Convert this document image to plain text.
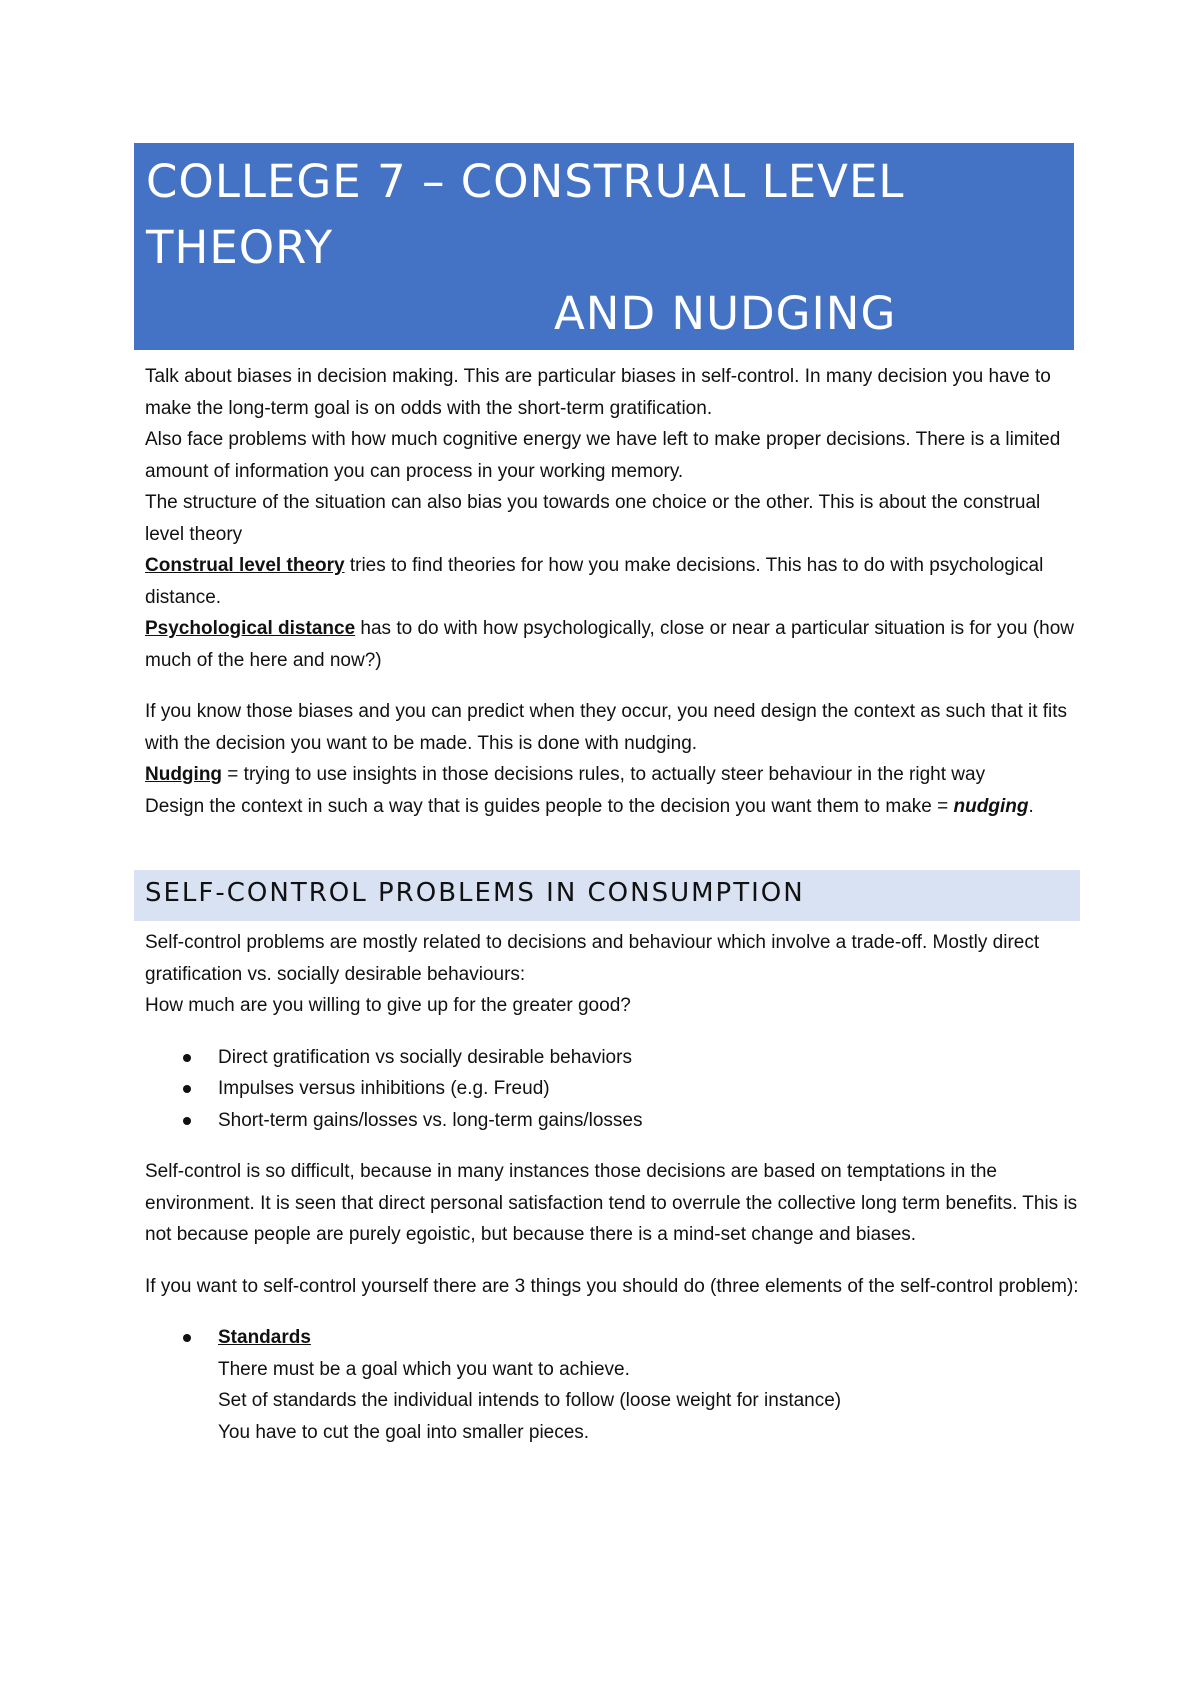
COLLEGE 7 – CONSTRUAL LEVEL
THEORY
AND NUDGING

Talk about biases in decision making. This are particular biases in self-control. In many decision you have to make the long-term goal is on odds with the short-term gratification.

Also face problems with how much cognitive energy we have left to make proper decisions. There is a limited amount of information you can process in your working memory.

The structure of the situation can also bias you towards one choice or the other. This is about the construal level theory

Construal level theory tries to find theories for how you make decisions. This has to do with psychological distance.

Psychological distance has to do with how psychologically, close or near a particular situation is for you (how much of the here and now?)

If you know those biases and you can predict when they occur, you need design the context as such that it fits with the decision you want to be made. This is done with nudging.

Nudging = trying to use insights in those decisions rules, to actually steer behaviour in the right way

Design the context in such a way that is guides people to the decision you want them to make = nudging.

SELF-CONTROL PROBLEMS IN CONSUMPTION

Self-control problems are mostly related to decisions and behaviour which involve a trade-off. Mostly direct gratification vs. socially desirable behaviours:

How much are you willing to give up for the greater good?

Direct gratification vs socially desirable behaviors
Impulses versus inhibitions (e.g. Freud)
Short-term gains/losses vs. long-term gains/losses

Self-control is so difficult, because in many instances those decisions are based on temptations in the environment. It is seen that direct personal satisfaction tend to overrule the collective long term benefits. This is not because people are purely egoistic, but because there is a mind-set change and biases.

If you want to self-control yourself there are 3 things you should do (three elements of the self-control problem):

Standards
There must be a goal which you want to achieve.
Set of standards the individual intends to follow (loose weight for instance)
You have to cut the goal into smaller pieces.
